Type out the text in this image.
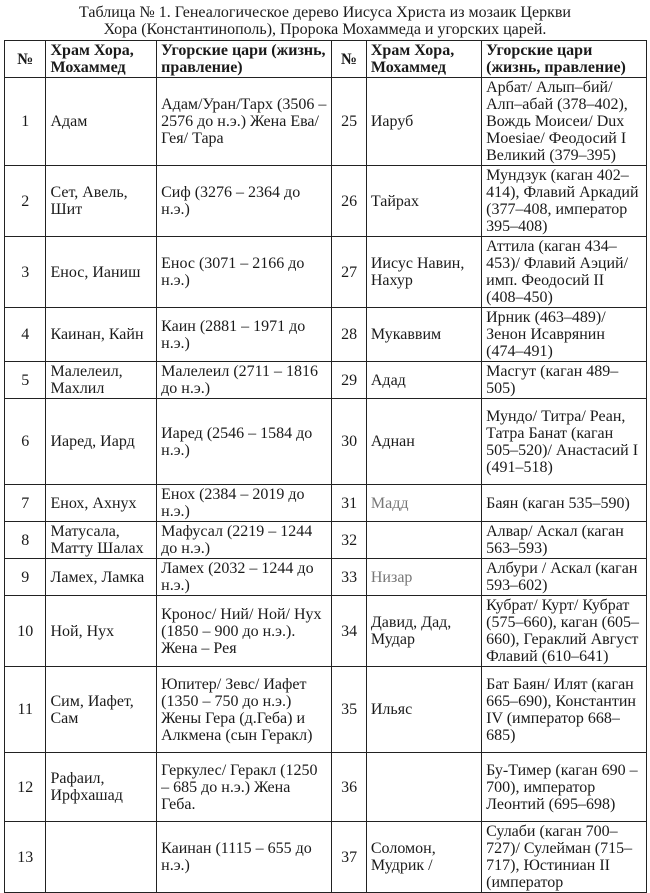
Таблица № 1. Генеалогическое дерево Иисуса Христа из мозаик Церкви
Хора (Константинополь), Пророка Мохаммеда и угорских царей.
№	Храм Хора, Мохаммед	Угорские цари (жизнь, правление)	№	Храм Хора, Мохаммед	Угорские цари (жизнь, правление)
1	Адам	Адам/Уран/Тарх (3506 – 2576 до н.э.) Жена Ева/ Гея/ Тара	25	Иаруб	Арбат/ Алып–бий/ Алп–абай (378–402), Вождь Моисеи/ Dux Moesiae/ Феодосий I Великий (379–395)
2	Сет, Авель, Шит	Сиф (3276 – 2364 до н.э.)	26	Тайрах	Мундзук (каган 402–414), Флавий Аркадий (377–408, император 395–408)
3	Енос, Ианиш	Енос (3071 – 2166 до н.э.)	27	Иисус Навин, Нахур	Аттила (каган 434–453)/ Флавий Аэций/ имп. Феодосий II (408–450)
4	Каинан, Кайн	Каин (2881 – 1971 до н.э.)	28	Мукаввим	Ирник (463–489)/ Зенон Исаврянин (474–491)
5	Малелеил, Махлил	Малелеил (2711 – 1816 до н.э.)	29	Адад	Масгут (каган 489–505)
6	Иаред, Иард	Иаред (2546 – 1584 до н.э.)	30	Аднан	Мундо/ Титра/ Реан, Татра Банат (каган 505–520)/ Анастасий I (491–518)
7	Енох, Ахнух	Енох (2384 – 2019 до н.э.)	31	Мадд	Баян (каган 535–590)
8	Матусала, Матту Шалах	Мафусал (2219 – 1244 до н.э.)	32		Алвар/ Аскал (каган 563–593)
9	Ламех, Ламка	Ламех (2032 – 1244 до н.э.)	33	Низар	Албури / Аскал (каган 593–602)
10	Ной, Нух	Кронос/ Ний/ Ной/ Нух (1850 – 900 до н.э.). Жена – Рея	34	Давид, Дад, Мудар	Кубрат/ Курт/ Кубрат (575–660), каган (605–660), Гераклий Август Флавий (610–641)
11	Сим, Иафет, Сам	Юпитер/ Зевс/ Иафет (1350 – 750 до н.э.) Жены Гера (д.Геба) и Алкмена (сын Геракл)	35	Ильяс	Бат Баян/ Илят (каган 665–690), Константин IV (император 668–685)
12	Рафаил, Ирфхашад	Геркулес/ Геракл (1250 – 685 до н.э.) Жена Геба.	36		Бу-Тимер (каган 690 – 700), император Леонтий (695–698)
13		Каинан (1115 – 655 до н.э.)	37	Соломон, Мудрик /	Сулаби (каган 700–727)/ Сулейман (715– 717), Юстиниан II (император
